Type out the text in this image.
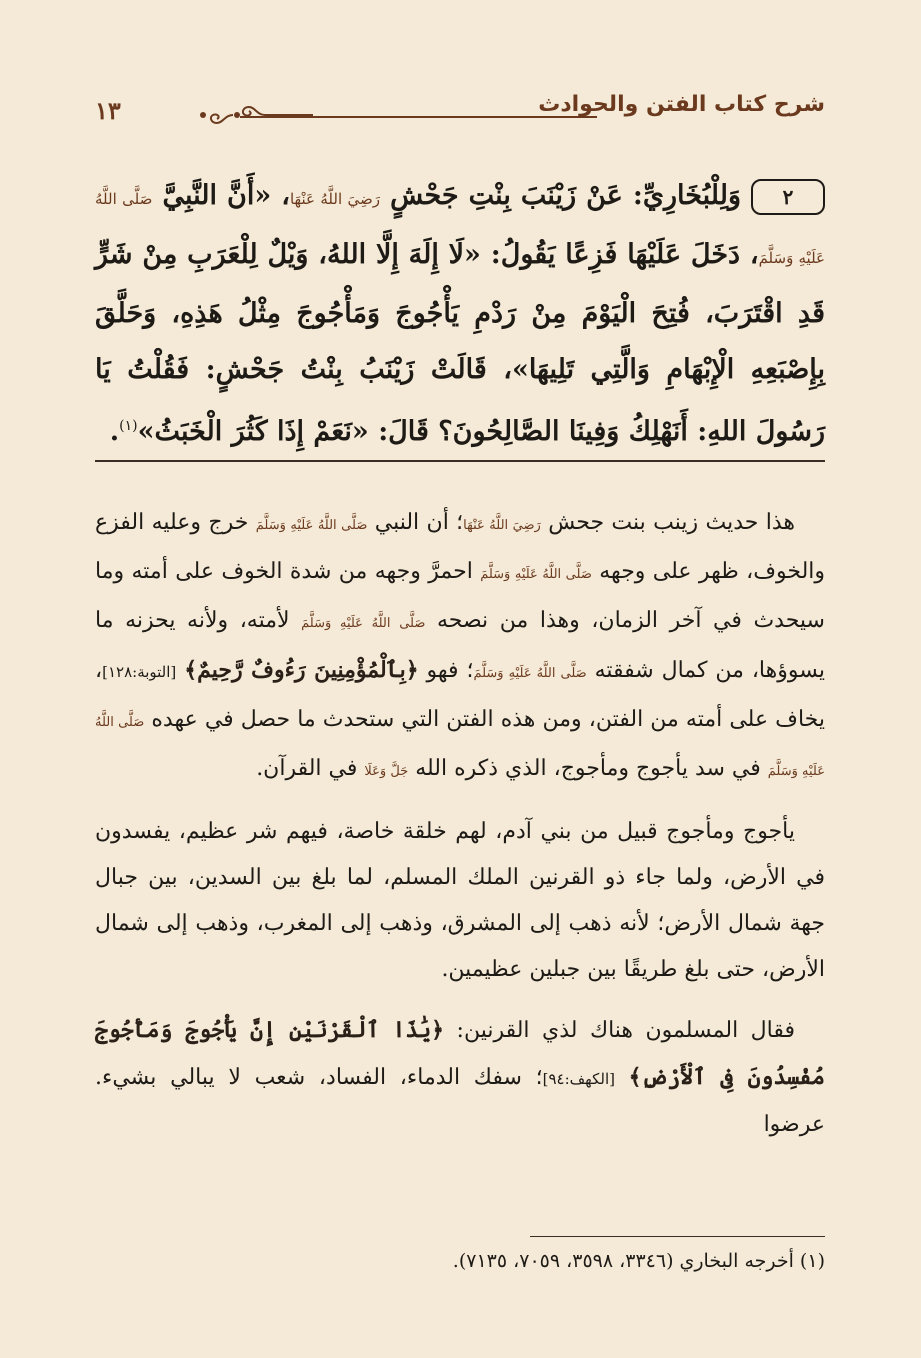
شرح كتاب الفتن والحوادث
١٣
٢وَلِلْبُخَارِيِّ: عَنْ زَيْنَبَ بِنْتِ جَحْشٍ رَضِيَ اللَّهُ عَنْهَا، «أَنَّ النَّبِيَّ صَلَّى اللَّهُ عَلَيْهِ وَسَلَّمَ، دَخَلَ عَلَيْهَا فَزِعًا يَقُولُ: «لَا إِلَهَ إِلَّا اللهُ، وَيْلٌ لِلْعَرَبِ مِنْ شَرٍّ قَدِ اقْتَرَبَ، فُتِحَ الْيَوْمَ مِنْ رَدْمِ يَأْجُوجَ وَمَأْجُوجَ مِثْلُ هَذِهِ، وَحَلَّقَ بِإِصْبَعِهِ الْإِبْهَامِ وَالَّتِي تَلِيهَا»، قَالَتْ زَيْنَبُ بِنْتُ جَحْشٍ: فَقُلْتُ يَا رَسُولَ اللهِ: أَنَهْلِكُ وَفِينَا الصَّالِحُونَ؟ قَالَ: «نَعَمْ إِذَا كَثُرَ الْخَبَثُ»$^{(١)}$.

هذا حديث زينب بنت جحش رَضِيَ اللَّهُ عَنْهَا؛ أن النبي صَلَّى اللَّهُ عَلَيْهِ وَسَلَّمَ خرج وعليه الفزع والخوف، ظهر على وجهه صَلَّى اللَّهُ عَلَيْهِ وَسَلَّمَ احمرَّ وجهه من شدة الخوف على أمته وما سيحدث في آخر الزمان، وهذا من نصحه صَلَّى اللَّهُ عَلَيْهِ وَسَلَّمَ لأمته، ولأنه يحزنه ما يسوؤها، من كمال شفقته صَلَّى اللَّهُ عَلَيْهِ وَسَلَّمَ؛ فهو ﴿بِٱلْمُؤْمِنِينَ رَءُوفٌ رَّحِيمٌ﴾ [التوبة:١٢٨]، يخاف على أمته من الفتن، ومن هذه الفتن التي ستحدث ما حصل في عهده صَلَّى اللَّهُ عَلَيْهِ وَسَلَّمَ في سد يأجوج ومأجوج، الذي ذكره الله جَلَّ وَعَلَا في القرآن.

يأجوج ومأجوج قبيل من بني آدم، لهم خلقة خاصة، فيهم شر عظيم، يفسدون في الأرض، ولما جاء ذو القرنين الملك المسلم، لما بلغ بين السدين، بين جبال جهة شمال الأرض؛ لأنه ذهب إلى المشرق، وذهب إلى المغرب، وذهب إلى شمال الأرض، حتى بلغ طريقًا بين جبلين عظيمين.

فقال المسلمون هناك لذي القرنين: ﴿يَٰذَا ٱلْقَرْنَيْنِ إِنَّ يَأْجُوجَ وَمَأْجُوجَ مُفْسِدُونَ فِى ٱلْأَرْضِ﴾ [الكهف:٩٤]؛ سفك الدماء، الفساد، شعب لا يبالي بشيء. عرضوا

(١) أخرجه البخاري (٣٣٤٦، ٣٥٩٨، ٧٠٥٩، ٧١٣٥).
